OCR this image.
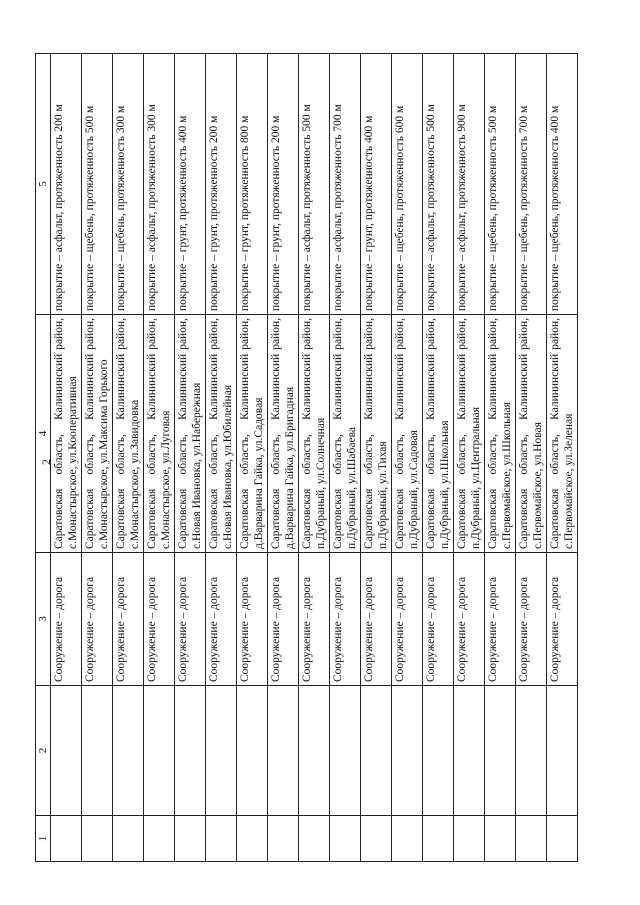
2
1	2	3	4	5
		Сооружение – дорога	Саратовская область, Калининский
район,
с.Монастырское, ул.Кооперативная	покрытие – асфальт, протяженность 200 м
		Сооружение – дорога	Саратовская область, Калининский
район,
с.Монастырское, ул.Максима Горького	покрытие – щебень, протяженность 500 м
		Сооружение – дорога	Саратовская область, Калининский
район,
с.Монастырское, ул.Завидовка	покрытие – щебень, протяженность 300 м
		Сооружение – дорога	Саратовская область, Калининский
район,
с.Монастырское, ул.Луговая	покрытие – асфальт, протяженность 300 м
		Сооружение – дорога	Саратовская область, Калининский
район,
с.Новая Ивановка, ул.Набережная	покрытие – грунт, протяженность 400 м
		Сооружение – дорога	Саратовская область, Калининский
район,
с.Новая Ивановка, ул.Юбилейная	покрытие – грунт, протяженность 200 м
		Сооружение – дорога	Саратовская область, Калининский
район,
д.Варварина Гайка, ул.Садовая	покрытие – грунт, протяженность 800 м
		Сооружение – дорога	Саратовская область, Калининский
район,
д.Варварина Гайка, ул.Бригадная	покрытие – грунт, протяженность 200 м
		Сооружение – дорога	Саратовская область, Калининский
район,
п.Дубраный, ул.Солнечная	покрытие – асфальт, протяженность 500 м
		Сооружение – дорога	Саратовская область, Калининский
район,
п.Дубраный, ул.Шабаева	покрытие – асфальт, протяженность 700 м
		Сооружение – дорога	Саратовская область, Калининский
район,
п.Дубраный, ул.Тихая	покрытие – грунт, протяженность 400 м
		Сооружение – дорога	Саратовская область, Калининский
район,
п.Дубраный, ул.Садовая	покрытие – щебень, протяженность 600 м
		Сооружение – дорога	Саратовская область, Калининский
район,
п.Дубраный, ул.Школьная	покрытие – асфальт, протяженность 500 м
		Сооружение – дорога	Саратовская область, Калининский
район,
п.Дубраный, ул.Центральная	покрытие – асфальт, протяженность 900 м
		Сооружение – дорога	Саратовская область, Калининский
район,
с.Первомайское, ул.Школьная	покрытие – щебень, протяженность 500 м
		Сооружение – дорога	Саратовская область, Калининский
район,
с.Первомайское, ул.Новая	покрытие – щебень, протяженность 700 м
		Сооружение – дорога	Саратовская область, Калининский
район,
с.Первомайское, ул.Зеленая	покрытие – щебень, протяженность 400 м
